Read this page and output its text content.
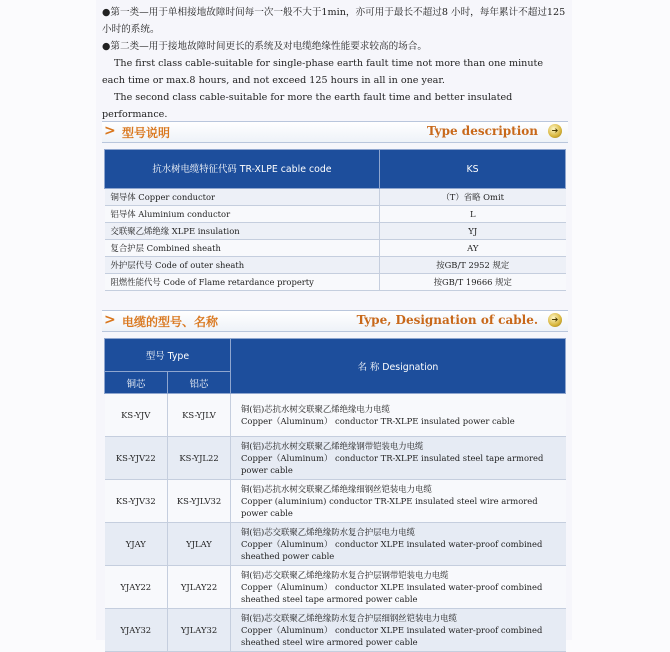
●第一类—用于单相接地故障时间每一次一般不大于1min，亦可用于最长不超过8 小时，每年累计不超过125 小时的系统。

●第二类—用于接地故障时间更长的系统及对电缆绝缘性能要求较高的场合。

The first class cable-suitable for single-phase earth fault time not more than one minute each time or max.8 hours, and not exceed 125 hours in all in one year.

The second class cable-suitable for more the earth fault time and better insulated performance.

> 型号说明	Type description	➔
抗水树电缆特征代码 TR-XLPE cable code	KS
铜导体 Copper conductor	（T）省略 Omit
铝导体 Aluminium conductor	L
交联聚乙烯绝缘 XLPE insulation	YJ
复合护层 Combined sheath	AY
外护层代号 Code of outer sheath	按GB/T 2952 规定
阻燃性能代号 Code of Flame retardance property	按GB/T 19666 规定
> 电缆的型号、名称	Type, Designation of cable.	➔
型号 Type		名 称 Designation
铜芯	铝芯	
KS-YJV	KS-YJLV	铜(铝)芯抗水树交联聚乙烯绝缘电力电缆
Copper（Aluminum） conductor TR-XLPE insulated power cable

KS-YJV22	KS-YJL22	铜(铝)芯抗水树交联聚乙烯绝缘钢带铠装电力电缆
Copper（Aluminum） conductor TR-XLPE insulated steel tape armored power cable

KS-YJV32	KS-YJLV32	铜(铝)芯抗水树交联聚乙烯绝缘细钢丝铠装电力电缆
Copper (aluminium) conductor TR-XLPE insulated steel wire armored power cable

YJAY	YJLAY	铜(铝)芯交联聚乙烯绝缘防水复合护层电力电缆
Copper（Aluminum） conductor XLPE insulated water-proof combined sheathed power cable

YJAY22	YJLAY22	铜(铝)芯交联聚乙烯绝缘防水复合护层钢带铠装电力电缆
Copper（Aluminum） conductor XLPE insulated water-proof combined sheathed steel tape armored power cable

YJAY32	YJLAY32	铜(铝)芯交联聚乙烯绝缘防水复合护层细钢丝铠装电力电缆
Copper（Aluminum） conductor XLPE insulated water-proof combined sheathed steel wire armored power cable
